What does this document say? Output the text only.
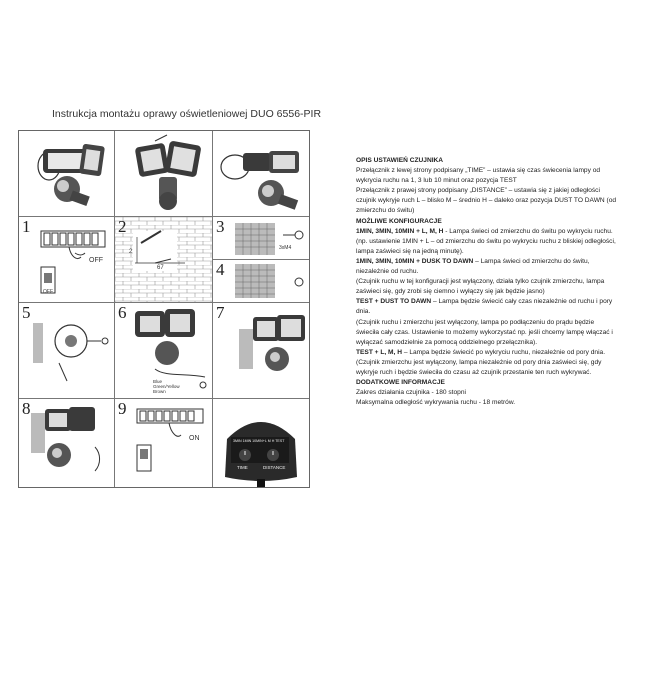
Instrukcja montażu oprawy oświetleniowej DUO 6556-PIR
1
OFF
OFF
2
2
67
3
3xM4
4
5	6
Blue
Green/Yellow
Brown
7
8	9
ON	3MIN 1MIN 10MIN+L M H TEST
TIME	DISTANCE

OPIS USTAWIEŃ CZUJNIKA

Przełącznik z lewej strony podpisany „TIME” – ustawia się czas świecenia lampy od wykrycia ruchu na 1, 3 lub 10 minut oraz pozycja TEST

Przełącznik z prawej strony podpisany „DISTANCE” – ustawia się z jakiej odległości czujnik wykryje ruch L – blisko M – średnio H – daleko oraz pozycja DUST TO DAWN (od zmierzchu do świtu)

MOŻLIWE KONFIGURACJE

1MIN, 3MIN, 10MIN + L, M, H - Lampa świeci od zmierzchu do świtu po wykryciu ruchu.

(np. ustawienie 1MIN + L – od zmierzchu do świtu po wykryciu ruchu z bliskiej odległości, lampa zaświeci się na jedną minutę).

1MIN, 3MIN, 10MIN + DUSK TO DAWN – Lampa świeci od zmierzchu do świtu, niezależnie od ruchu.

(Czujnik ruchu w tej konfiguracji jest wyłączony, działa tylko czujnik zmierzchu, lampa zaświeci się, gdy zrobi się ciemno i wyłączy się jak będzie jasno)

TEST + DUST TO DAWN – Lampa będzie świecić cały czas niezależnie od ruchu i pory dnia.

(Czujnik ruchu i zmierzchu jest wyłączony, lampa po podłączeniu do prądu będzie świeciła cały czas. Ustawienie to możemy wykorzystać np. jeśli chcemy lampę włączać i wyłączać samodzielnie za pomocą oddzielnego przełącznika).

TEST + L, M, H – Lampa będzie świecić po wykryciu ruchu, niezależnie od pory dnia.

(Czujnik zmierzchu jest wyłączony, lampa niezależnie od pory dnia zaświeci się, gdy wykryje ruch i będzie świeciła do czasu aż czujnik przestanie ten ruch wykrywać.

DODATKOWE INFORMACJE

Zakres działania czujnika - 180 stopni

Maksymalna odległość wykrywania ruchu - 18 metrów.
